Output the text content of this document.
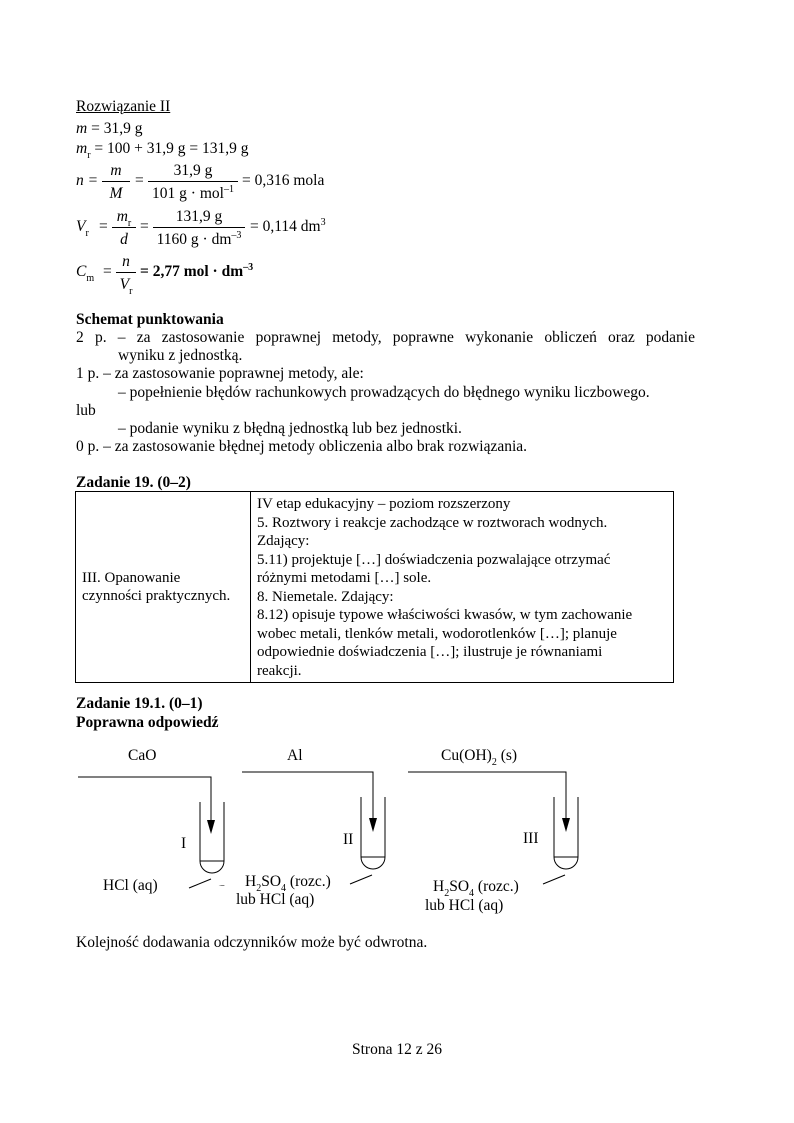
Rozwiązanie II
m = 31,9 g
$m_r = 100 + 31,9$ g = 131,9 g
$n = \frac{m}{M}$ =
31,9 g
101 g · mol$^{-1}$ = 0,316 mola
$V_r = \frac{m_r}{d} = \frac{131,9 g}{1160 g \cdot dm^{-3}} = 0,114$ $dm^3$
$C_m = \frac{n}{V_r} = 2,77$ mol · $dm^{-3}$
Schemat punktowania
2 p. – za zastosowanie poprawnej metody, poprawne wykonanie obliczeń oraz podanie
wyniku z jednostką.
1 p. – za zastosowanie poprawnej metody, ale:
– popełnienie błędów rachunkowych prowadzących do błędnego wyniku liczbowego.
lub
– podanie wyniku z błędną jednostką lub bez jednostki.
0 p. – za zastosowanie błędnej metody obliczenia albo brak rozwiązania.
Zadanie 19. (0–2)
III. Opanowanie czynności praktycznych.	
IV etap edukacyjny – poziom rozszerzony
5. Roztwory i reakcje zachodzące w roztworach wodnych.
Zdający:
5.11) projektuje […] doświadczenia pozwalające otrzymać
różnymi metodami […] sole.
8. Niemetale. Zdający:
8.12) opisuje typowe właściwości kwasów, w tym zachowanie
wobec metali, tlenków metali, wodorotlenków […]; planuje
odpowiednie doświadczenia […]; ilustruje je równaniami
reakcji.
Zadanie 19.1. (0–1)
Poprawna odpowiedź
CaO	Al	$Cu(OH)_2$ (s)
I	II	III
HCl (aq)	$H_2SO_4$ (rozc.)
lub HCl (aq)
$H_2SO_4$ (rozc.)
lub HCl (aq)
Kolejność dodawania odczynników może być odwrotna.
Strona 12 z 26
